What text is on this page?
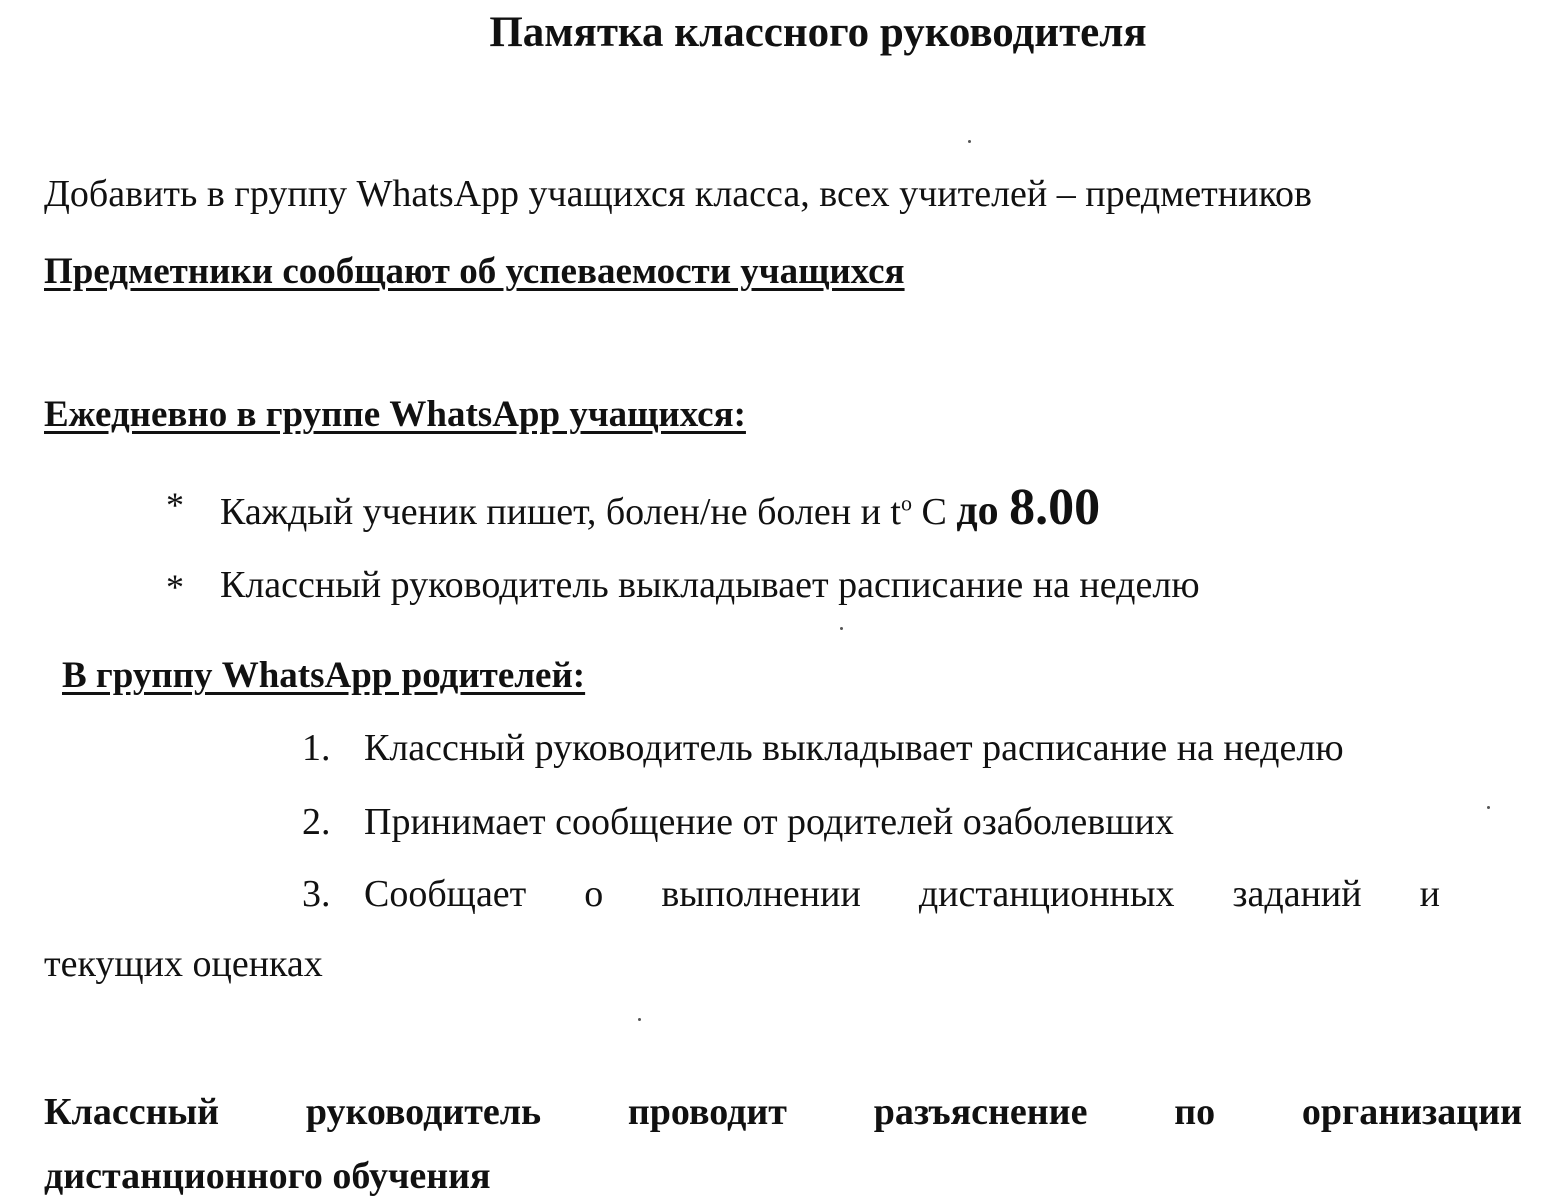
Памятка классного руководителя
Добавить в группу WhatsApp учащихся класса, всех учителей – предметников
Предметники сообщают об успеваемости учащихся
Ежедневно в группе WhatsApp учащихся:
* Каждый ученик пишет, болен/не болен и $t^о$ С до 8.00
* Классный руководитель выкладывает расписание на неделю
В группу WhatsApp родителей:
1. Классный руководитель выкладывает расписание на неделю
2. Принимает сообщение от родителей озаболевших
3. Сообщает о выполнении дистанционных заданий и
текущих оценках
Классный руководитель проводит разъяснение по организации
дистанционного обучения
